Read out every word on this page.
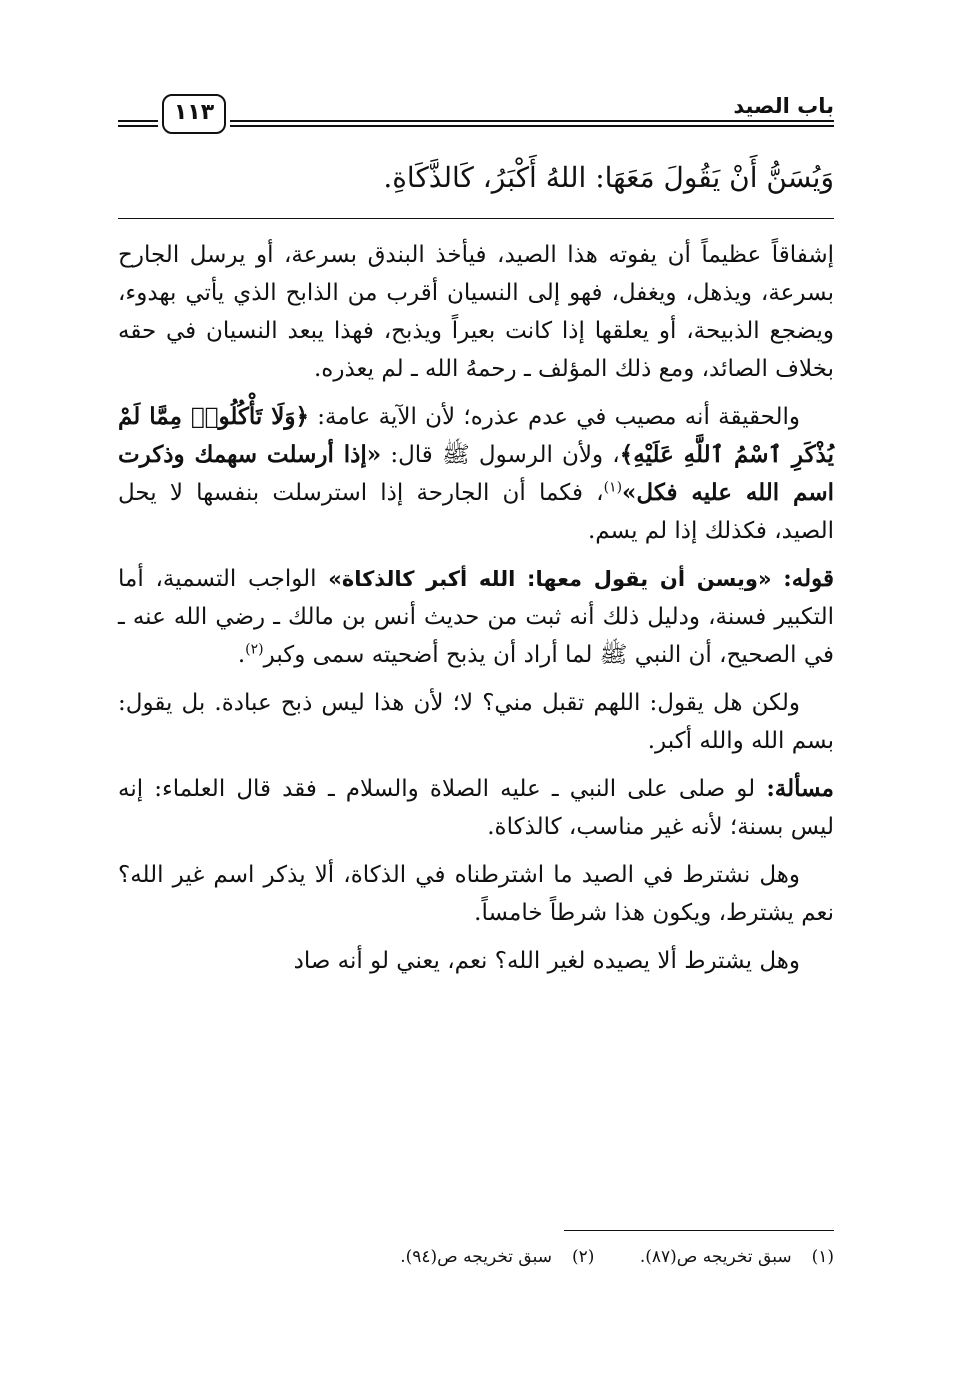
باب الصيد
١١٣
وَيُسَنُّ أَنْ يَقُولَ مَعَهَا: اللهُ أَكْبَرُ، كَالذَّكَاةِ.

إشفاقاً عظيماً أن يفوته هذا الصيد، فيأخذ البندق بسرعة، أو يرسل الجارح بسرعة، ويذهل، ويغفل، فهو إلى النسيان أقرب من الذابح الذي يأتي بهدوء، ويضجع الذبيحة، أو يعلقها إذا كانت بعيراً ويذبح، فهذا يبعد النسيان في حقه بخلاف الصائد، ومع ذلك المؤلف ـ رحمهُ الله ـ لم يعذره.

والحقيقة أنه مصيب في عدم عذره؛ لأن الآية عامة: ﴿وَلَا تَأْكُلُوا۟ مِمَّا لَمْ يُذْكَرِ ٱسْمُ ٱللَّهِ عَلَيْهِ﴾، ولأن الرسول ﷺ قال: «إذا أرسلت سهمك وذكرت اسم الله عليه فكل»$^{(١)}$، فكما أن الجارحة إذا استرسلت بنفسها لا يحل الصيد، فكذلك إذا لم يسم.

قوله: «ويسن أن يقول معها: الله أكبر كالذكاة» الواجب التسمية، أما التكبير فسنة، ودليل ذلك أنه ثبت من حديث أنس بن مالك ـ رضي الله عنه ـ في الصحيح، أن النبي ﷺ لما أراد أن يذبح أضحيته سمى وكبر$^{(٢)}$.

ولكن هل يقول: اللهم تقبل مني؟ لا؛ لأن هذا ليس ذبح عبادة. بل يقول: بسم الله والله أكبر.

مسألة: لو صلى على النبي ـ عليه الصلاة والسلام ـ فقد قال العلماء: إنه ليس بسنة؛ لأنه غير مناسب، كالذكاة.

وهل نشترط في الصيد ما اشترطناه في الذكاة، ألا يذكر اسم غير الله؟ نعم يشترط، ويكون هذا شرطاً خامساً.

وهل يشترط ألا يصيده لغير الله؟ نعم، يعني لو أنه صاد

(١)سبق تخريجه ص(٨٧). (٢)سبق تخريجه ص(٩٤).
